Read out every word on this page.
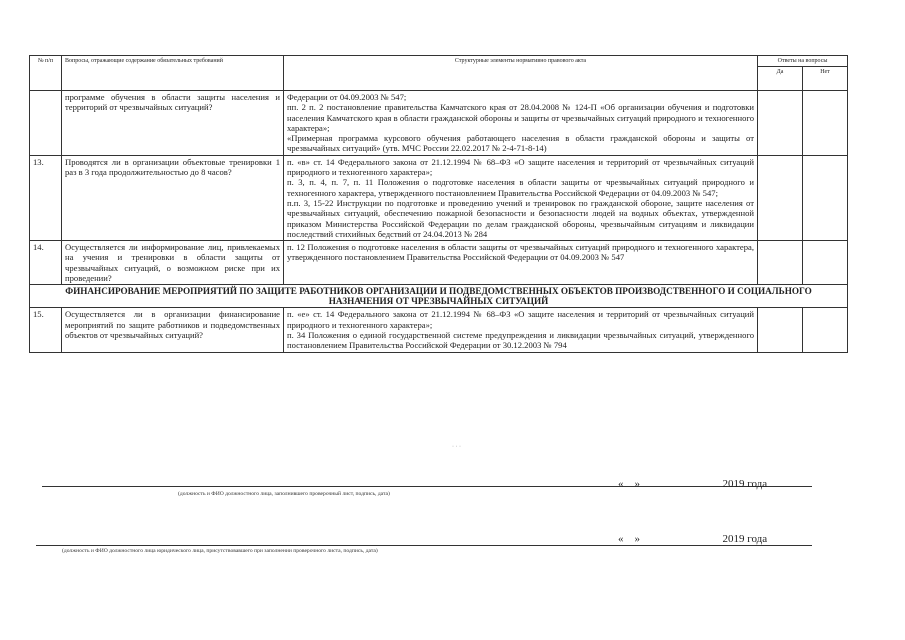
№ п/п	Вопросы, отражающие содержание обязательных требований	Структурные элементы нормативно правового акта	Ответы на вопросы	
			Да	Нет
	программе обучения в области защиты населения и территорий от чрезвычайных ситуаций?	Федерации от 04.09.2003 № 547;

пп. 2 п. 2 постановление правительства Камчатского края от 28.04.2008 № 124-П «Об организации обучения и подготовки населения Камчатского края в области гражданской обороны и защиты от чрезвычайных ситуаций природного и техногенного характера»;

«Примерная программа курсового обучения работающего населения в области гражданской обороны и защиты от чрезвычайных ситуаций» (утв. МЧС России 22.02.2017 № 2-4-71-8-14)		

13.	Проводятся ли в организации объектовые тренировки 1 раз в 3 года продолжительностью до 8 часов?	п. «в» ст. 14 Федерального закона от 21.12.1994 № 68–ФЗ «О защите населения и территорий от чрезвычайных ситуаций природного и техногенного характера»;

п. 3, п. 4, п. 7, п. 11 Положения о подготовке населения в области защиты от чрезвычайных ситуаций природного и техногенного характера, утвержденного постановлением Правительства Российской Федерации от 04.09.2003 № 547;

п.п. 3, 15-22 Инструкции по подготовке и проведению учений и тренировок по гражданской обороне, защите населения от чрезвычайных ситуаций, обеспечению пожарной безопасности и безопасности людей на водных объектах, утвержденной приказом Министерства Российской Федерации по делам гражданской обороны, чрезвычайным ситуациям и ликвидации последствий стихийных бедствий от 24.04.2013 № 284		

14.	Осуществляется ли информирование лиц, привлекаемых на учения и тренировки в области защиты от чрезвычайных ситуаций, о возможном риске при их проведении?	п. 12 Положения о подготовке населения в области защиты от чрезвычайных ситуаций природного и техногенного характера, утвержденного постановлением Правительства Российской Федерации от 04.09.2003 № 547		

ФИНАНСИРОВАНИЕ МЕРОПРИЯТИЙ ПО ЗАЩИТЕ РАБОТНИКОВ ОРГАНИЗАЦИИ И ПОДВЕДОМСТВЕННЫХ ОБЪЕКТОВ ПРОИЗВОДСТВЕННОГО И СОЦИАЛЬНОГО НАЗНАЧЕНИЯ ОТ ЧРЕЗВЫЧАЙНЫХ СИТУАЦИЙ				
15.	Осуществляется ли в организации финансирование мероприятий по защите работников и подведомственных объектов от чрезвычайных ситуаций?	п. «е» ст. 14 Федерального закона от 21.12.1994 № 68–ФЗ «О защите населения и территорий от чрезвычайных ситуаций природного и техногенного характера»;

п. 34 Положения о единой государственной системе предупреждения и ликвидации чрезвычайных ситуаций, утвержденного постановлением Правительства Российской Федерации от 30.12.2003 № 794		

· · ·
«    »                              2019 года
(должность и ФИО должностного лица, заполнившего проверочный лист, подпись, дата)
«    »                              2019 года
(должность и ФИО должностного лица юридического лица, присутствовавшего при заполнении проверочного листа, подпись, дата)
